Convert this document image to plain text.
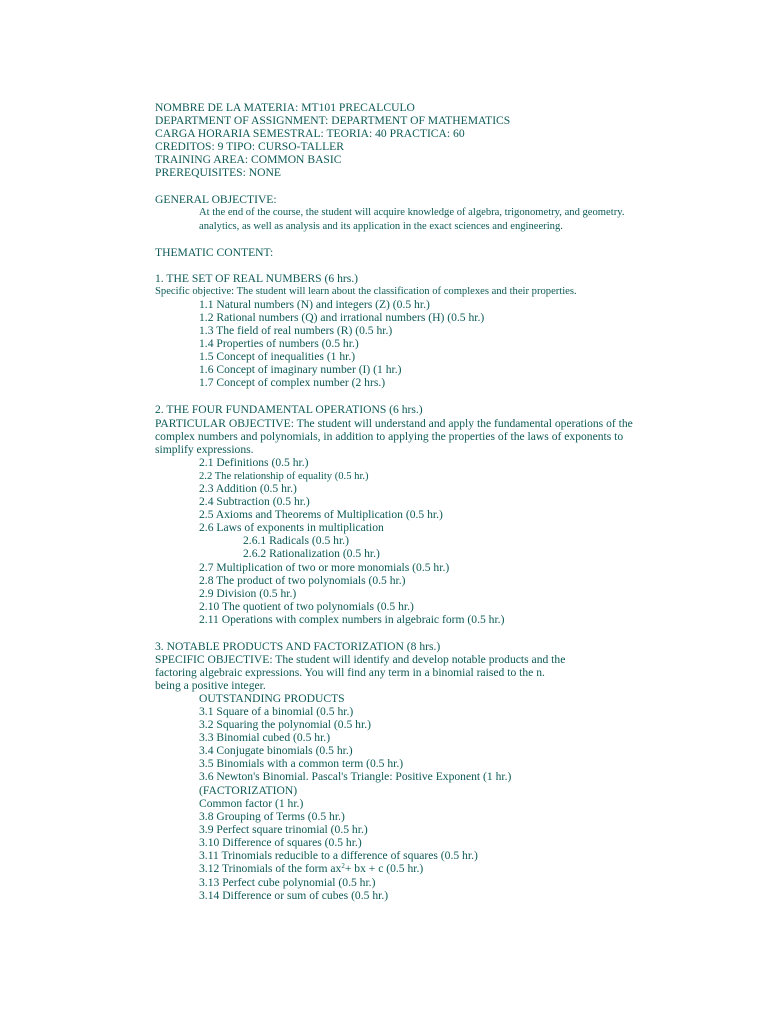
NOMBRE DE LA MATERIA: MT101 PRECALCULO
DEPARTMENT OF ASSIGNMENT: DEPARTMENT OF MATHEMATICS
CARGA HORARIA SEMESTRAL: TEORIA: 40 PRACTICA: 60
CREDITOS: 9 TIPO: CURSO-TALLER
TRAINING AREA: COMMON BASIC
PREREQUISITES: NONE
GENERAL OBJECTIVE:
At the end of the course, the student will acquire knowledge of algebra, trigonometry, and geometry.
analytics, as well as analysis and its application in the exact sciences and engineering.
THEMATIC CONTENT:
1. THE SET OF REAL NUMBERS (6 hrs.)
Specific objective: The student will learn about the classification of complexes and their properties.
1.1 Natural numbers (N) and integers (Z) (0.5 hr.)
1.2 Rational numbers (Q) and irrational numbers (H) (0.5 hr.)
1.3 The field of real numbers (R) (0.5 hr.)
1.4 Properties of numbers (0.5 hr.)
1.5 Concept of inequalities (1 hr.)
1.6 Concept of imaginary number (I) (1 hr.)
1.7 Concept of complex number (2 hrs.)
2. THE FOUR FUNDAMENTAL OPERATIONS (6 hrs.)
PARTICULAR OBJECTIVE: The student will understand and apply the fundamental operations of the
complex numbers and polynomials, in addition to applying the properties of the laws of exponents to
simplify expressions.
2.1 Definitions (0.5 hr.)
2.2 The relationship of equality (0.5 hr.)
2.3 Addition (0.5 hr.)
2.4 Subtraction (0.5 hr.)
2.5 Axioms and Theorems of Multiplication (0.5 hr.)
2.6 Laws of exponents in multiplication
2.6.1 Radicals (0.5 hr.)
2.6.2 Rationalization (0.5 hr.)
2.7 Multiplication of two or more monomials (0.5 hr.)
2.8 The product of two polynomials (0.5 hr.)
2.9 Division (0.5 hr.)
2.10 The quotient of two polynomials (0.5 hr.)
2.11 Operations with complex numbers in algebraic form (0.5 hr.)
3. NOTABLE PRODUCTS AND FACTORIZATION (8 hrs.)
SPECIFIC OBJECTIVE: The student will identify and develop notable products and the
factoring algebraic expressions. You will find any term in a binomial raised to the n.
being a positive integer.
OUTSTANDING PRODUCTS
3.1 Square of a binomial (0.5 hr.)
3.2 Squaring the polynomial (0.5 hr.)
3.3 Binomial cubed (0.5 hr.)
3.4 Conjugate binomials (0.5 hr.)
3.5 Binomials with a common term (0.5 hr.)
3.6 Newton's Binomial. Pascal's Triangle: Positive Exponent (1 hr.)
(FACTORIZATION)
Common factor (1 hr.)
3.8 Grouping of Terms (0.5 hr.)
3.9 Perfect square trinomial (0.5 hr.)
3.10 Difference of squares (0.5 hr.)
3.11 Trinomials reducible to a difference of squares (0.5 hr.)
3.12 Trinomials of the form $ax^2+$ bx + c (0.5 hr.)
3.13 Perfect cube polynomial (0.5 hr.)
3.14 Difference or sum of cubes (0.5 hr.)
